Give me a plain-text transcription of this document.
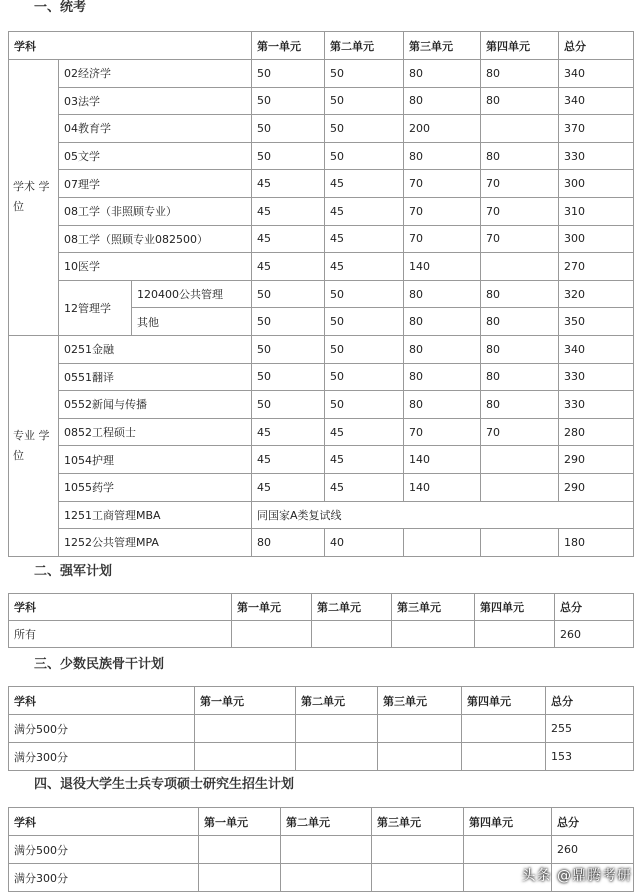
一、统考
学科			第一单元	第二单元	第三单元	第四单元	总分
学术 学位	02经济学		50	50	80	80	340
	03法学		50	50	80	80	340
	04教育学		50	50	200		370
	05文学		50	50	80	80	330
	07理学		45	45	70	70	300
	08工学（非照顾专业）		45	45	70	70	310
	08工学（照顾专业082500）		45	45	70	70	300
	10医学		45	45	140		270
	12管理学	120400公共管理	50	50	80	80	320
		其他	50	50	80	80	350
专业 学位	0251金融		50	50	80	80	340
	0551翻译		50	50	80	80	330
	0552新闻与传播		50	50	80	80	330
	0852工程硕士		45	45	70	70	280
	1054护理		45	45	140		290
	1055药学		45	45	140		290
	1251工商管理MBA		同国家A类复试线				
	1252公共管理MPA		80	40			180
二、强军计划
学科	第一单元	第二单元	第三单元	第四单元	总分
所有					260
三、少数民族骨干计划
学科	第一单元	第二单元	第三单元	第四单元	总分
满分500分					255
满分300分					153
四、退役大学生士兵专项硕士研究生招生计划
学科	第一单元	第二单元	第三单元	第四单元	总分
满分500分					260
满分300分						头条 @鼎腾考研
